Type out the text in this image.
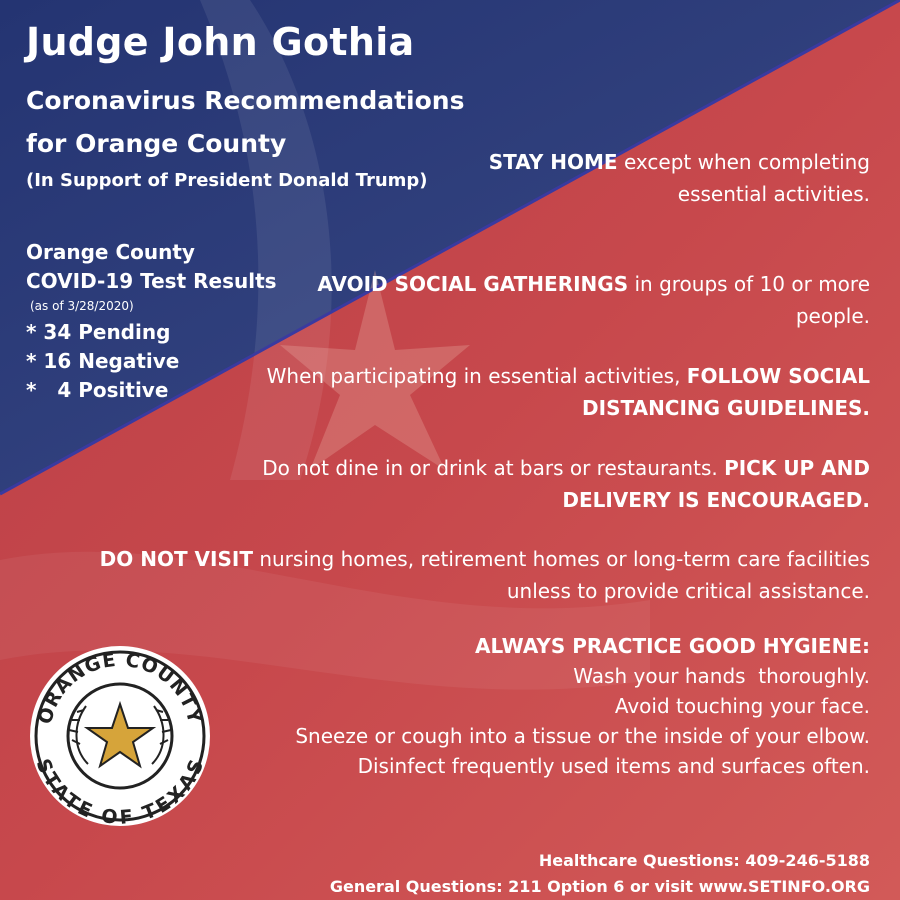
Judge John Gothia
Coronavirus Recommendations
for Orange County
(In Support of President Donald Trump)
Orange County
COVID-19 Test Results
(as of 3/28/2020)
* 34 Pending
* 16 Negative
*   4 Positive

STAY HOME except when completing essential activities.

AVOID SOCIAL GATHERINGS in groups of 10 or more people.

When participating in essential activities, FOLLOW SOCIAL DISTANCING GUIDELINES.

Do not dine in or drink at bars or restaurants. PICK UP AND DELIVERY IS ENCOURAGED.

DO NOT VISIT nursing homes, retirement homes or long-term care facilities unless to provide critical assistance.

ALWAYS PRACTICE GOOD HYGIENE:
Wash your hands  thoroughly.
Avoid touching your face.
Sneeze or cough into a tissue or the inside of your elbow.
Disinfect frequently used items and surfaces often.

Healthcare Questions: 409-246-5188
General Questions: 211 Option 6 or visit www.SETINFO.ORG
ORANGE COUNTY
STATE OF TEXAS
